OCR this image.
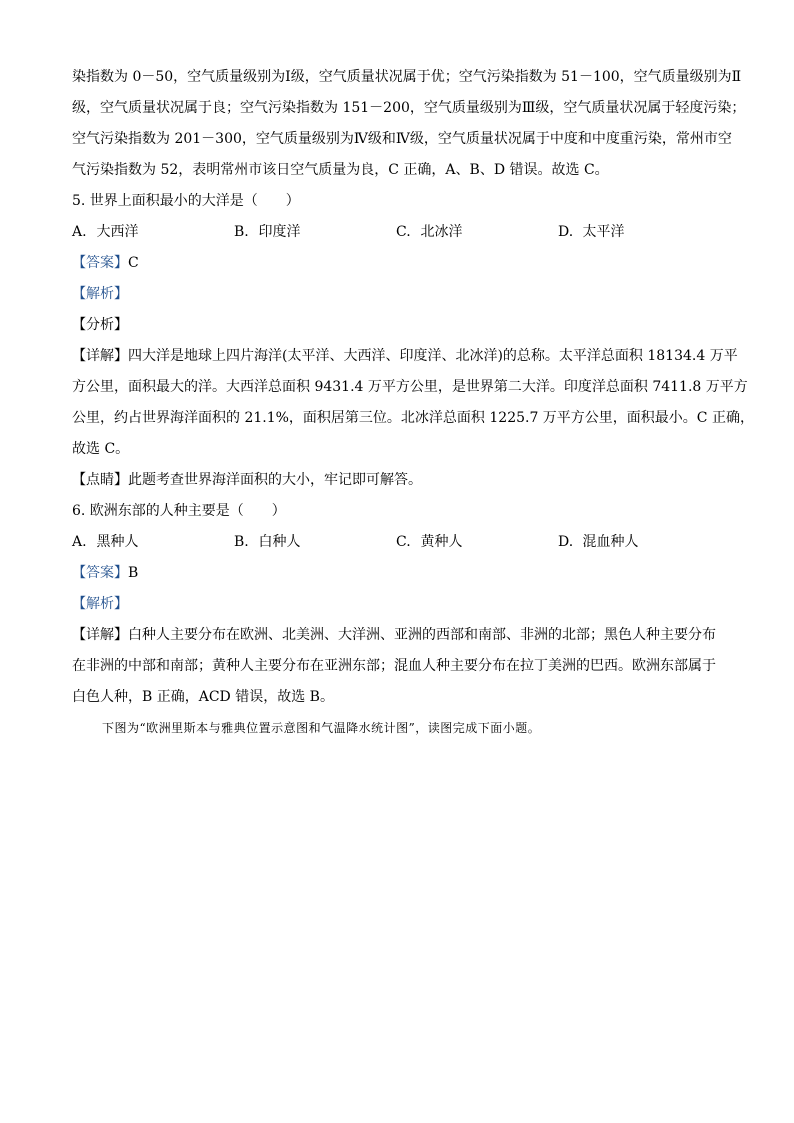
染指数为 0－50，空气质量级别为Ⅰ级，空气质量状况属于优；空气污染指数为 51－100，空气质量级别为Ⅱ
级，空气质量状况属于良；空气污染指数为 151－200，空气质量级别为Ⅲ级，空气质量状况属于轻度污染；
空气污染指数为 201－300，空气质量级别为Ⅳ级和Ⅳ级，空气质量状况属于中度和中度重污染，常州市空
气污染指数为 52，表明常州市该日空气质量为良，C 正确，A、B、D 错误。故选 C。
5. 世界上面积最小的大洋是（　　）
A. 大西洋	B. 印度洋	C. 北冰洋	D. 太平洋
【答案】C
【解析】
【分析】
【详解】四大洋是地球上四片海洋(太平洋、大西洋、印度洋、北冰洋)的总称。太平洋总面积 18134.4 万平
方公里，面积最大的洋。大西洋总面积 9431.4 万平方公里，是世界第二大洋。印度洋总面积 7411.8 万平方
公里，约占世界海洋面积的 21.1%，面积居第三位。北冰洋总面积 1225.7 万平方公里，面积最小。C 正确，
故选 C。
【点睛】此题考查世界海洋面积的大小，牢记即可解答。
6. 欧洲东部的人种主要是（　　）
A. 黑种人	B. 白种人	C. 黄种人	D. 混血种人
【答案】B
【解析】
【详解】白种人主要分布在欧洲、北美洲、大洋洲、亚洲的西部和南部、非洲的北部；黑色人种主要分布
在非洲的中部和南部；黄种人主要分布在亚洲东部；混血人种主要分布在拉丁美洲的巴西。欧洲东部属于
白色人种，B 正确，ACD 错误，故选 B。
下图为“欧洲里斯本与雅典位置示意图和气温降水统计图”，读图完成下面小题。
